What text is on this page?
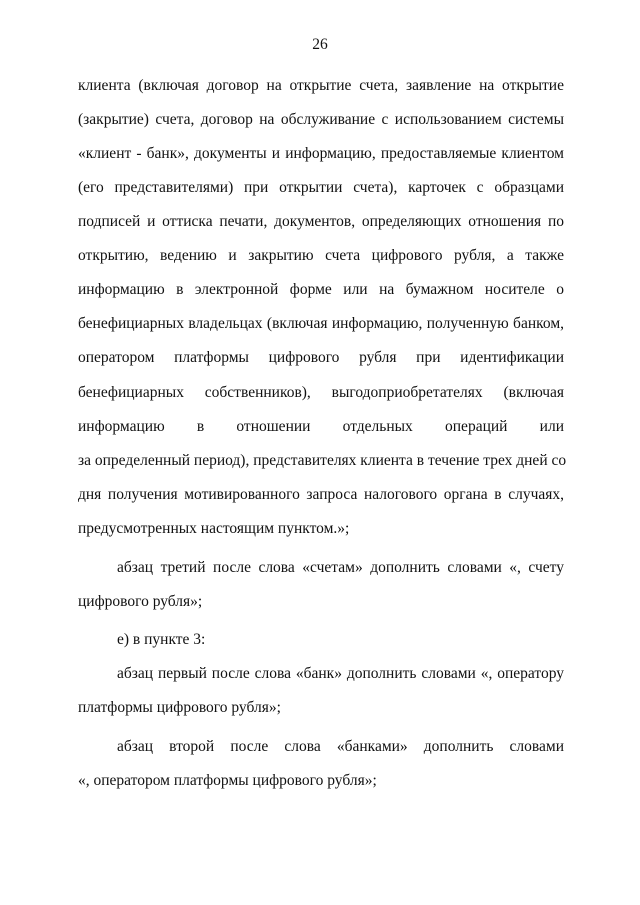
26
клиента (включая договор на открытие счета, заявление на открытие
(закрытие) счета, договор на обслуживание с использованием системы
«клиент - банк», документы и информацию, предоставляемые клиентом
(его представителями) при открытии счета), карточек с образцами
подписей и оттиска печати, документов, определяющих отношения по
открытию, ведению и закрытию счета цифрового рубля, а также
информацию в электронной форме или на бумажном носителе о
бенефициарных владельцах (включая информацию, полученную банком,
оператором платформы цифрового рубля при идентификации
бенефициарных собственников), выгодоприобретателях (включая
информацию в отношении отдельных операций или
за определенный период), представителях клиента в течение трех дней со
дня получения мотивированного запроса налогового органа в случаях,
предусмотренных настоящим пунктом.»;
абзац третий после слова «счетам» дополнить словами «, счету
цифрового рубля»;
е) в пункте 3:
абзац первый после слова «банк» дополнить словами «, оператору
платформы цифрового рубля»;
абзац второй после слова «банками» дополнить словами
«, оператором платформы цифрового рубля»;
